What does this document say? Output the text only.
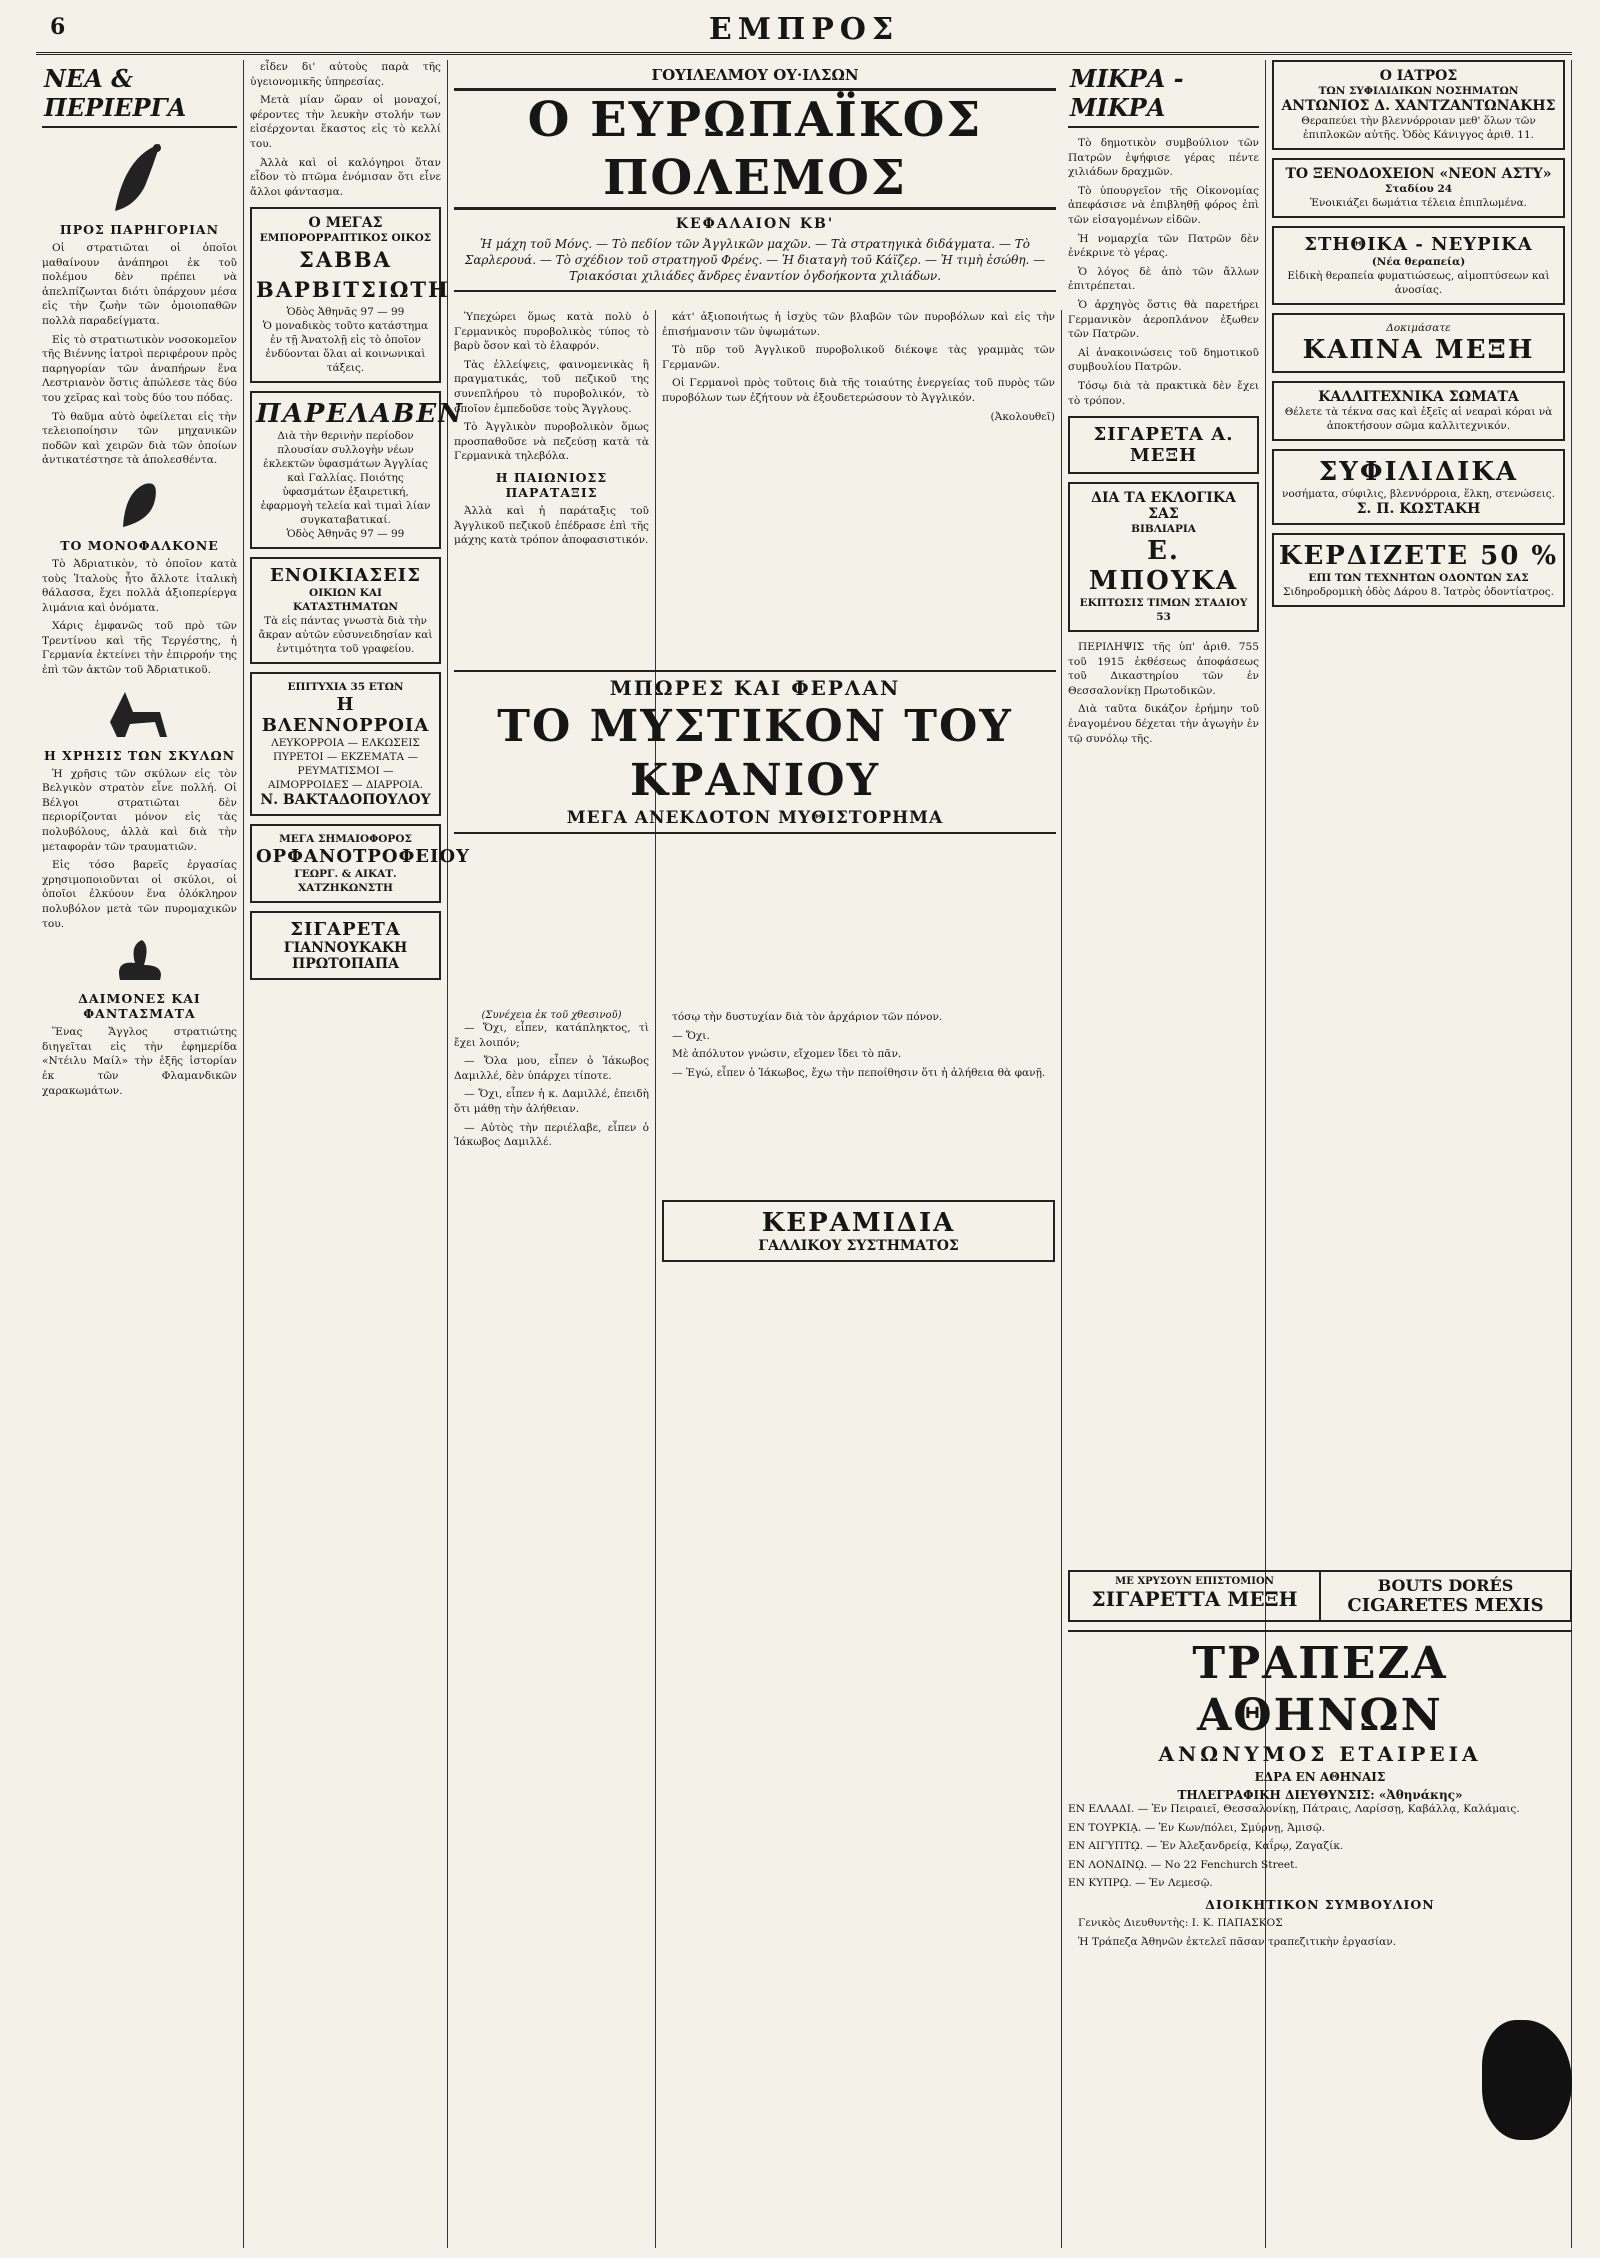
6	ΕΜΠΡΟΣ
ΝΕΑ & ΠΕΡΙΕΡΓΑ
ΠΡΟΣ ΠΑΡΗΓΟΡΙΑΝ

Οἱ στρατιῶται οἱ ὁποῖοι μαθαίνουν ἀνάπηροι ἐκ τοῦ πολέμου δὲν πρέπει νὰ ἀπελπίζωνται διότι ὑπάρχουν μέσα εἰς τὴν ζωὴν τῶν ὁμοιοπαθῶν πολλὰ παραδείγματα.

Εἰς τὸ στρατιωτικὸν νοσοκομεῖον τῆς Βιέννης ἰατροὶ περιφέρουν πρὸς παρηγορίαν τῶν ἀναπήρων ἕνα Λεστριανὸν ὅστις ἀπώλεσε τὰς δύο του χεῖρας καὶ τοὺς δύο του πόδας.

Τὸ θαῦμα αὐτὸ ὀφείλεται εἰς τὴν τελειοποίησιν τῶν μηχανικῶν ποδῶν καὶ χειρῶν διὰ τῶν ὁποίων ἀντικατέστησε τὰ ἀπολεσθέντα.

ΤΟ ΜΟΝΟΦΑΛΚΟΝΕ

Τὸ Ἀδριατικὸν, τὸ ὁποῖον κατὰ τοὺς Ἰταλοὺς ἦτο ἄλλοτε ἰταλικὴ θάλασσα, ἔχει πολλὰ ἀξιοπερίεργα λιμάνια καὶ ὀνόματα.

Χάρις ἐμφανῶς τοῦ πρὸ τῶν Τρεντίνου καὶ τῆς Τεργέστης, ἡ Γερμανία ἐκτείνει τὴν ἐπιρροήν της ἐπὶ τῶν ἀκτῶν τοῦ Ἀδριατικοῦ.

Η ΧΡΗΣΙΣ ΤΩΝ ΣΚΥΛΩΝ

Ἡ χρῆσις τῶν σκύλων εἰς τὸν Βελγικὸν στρατὸν εἶνε πολλή. Οἱ Βέλγοι στρατιῶται δὲν περιορίζονται μόνον εἰς τὰς πολυβόλους, ἀλλὰ καὶ διὰ τὴν μεταφορὰν τῶν τραυματιῶν.

Εἰς τόσο βαρεῖς ἐργασίας χρησιμοποιοῦνται οἱ σκύλοι, οἱ ὁποῖοι ἐλκύουν ἕνα ὁλόκληρον πολυβόλον μετὰ τῶν πυρομαχικῶν του.

ΔΑΙΜΟΝΕΣ ΚΑΙ ΦΑΝΤΑΣΜΑΤΑ

Ἕνας Ἄγγλος στρατιώτης διηγεῖται εἰς τὴν ἐφημερίδα «Ντέιλυ Μαίλ» τὴν ἑξῆς ἱστορίαν ἐκ τῶν Φλαμανδικῶν χαρακωμάτων.

εἶδεν δι' αὐτοὺς παρὰ τῆς ὑγειονομικῆς ὑπηρεσίας.

Μετὰ μίαν ὥραν οἱ μοναχοί, φέροντες τὴν λευκὴν στολήν των εἰσέρχονται ἕκαστος εἰς τὸ κελλί του.

Ἀλλὰ καὶ οἱ καλόγηροι ὅταν εἶδον τὸ πτῶμα ἐνόμισαν ὅτι εἶνε ἄλλοι φάντασμα.

Ο ΜΕΓΑΣ
ΕΜΠΟΡΟΡΡΑΠΤΙΚΟΣ ΟΙΚΟΣ
ΣΑΒΒΑ ΒΑΡΒΙΤΣΙΩΤΗ
Ὁδὸς Ἀθηνᾶς 97 — 99
Ὁ μοναδικὸς τοῦτο κατάστημα ἐν τῇ Ἀνατολῇ εἰς τὸ ὁποῖον ἐνδύονται ὅλαι αἱ κοινωνικαὶ τάξεις.
ΠΑΡΕΛΑΒΕΝ
Διὰ τὴν θερινὴν περίοδον πλουσίαν συλλογὴν νέων ἐκλεκτῶν ὑφασμάτων Ἀγγλίας καὶ Γαλλίας. Ποιότης ὑφασμάτων ἐξαιρετική, ἐφαρμογὴ τελεία καὶ τιμαὶ λίαν συγκαταβατικαί.
Ὁδὸς Ἀθηνᾶς 97 — 99
ΕΝΟΙΚΙΑΣΕΙΣ
ΟΙΚΙΩΝ ΚΑΙ ΚΑΤΑΣΤΗΜΑΤΩΝ
Τὰ εἰς πάντας γνωστὰ διὰ τὴν ἄκραν αὐτῶν εὐσυνειδησίαν καὶ ἐντιμότητα τοῦ γραφείου.
ΕΠΙΤΥΧΙΑ 35 ΕΤΩΝ
Η ΒΛΕΝΝΟΡΡΟΙΑ
ΛΕΥΚΟΡΡΟΙΑ — ΕΛΚΩΣΕΙΣ ΠΥΡΕΤΟΙ — ΕΚΖΕΜΑΤΑ — ΡΕΥΜΑΤΙΣΜΟΙ — ΑΙΜΟΡΡΟΙΔΕΣ — ΔΙΑΡΡΟΙΑ.
Ν. ΒΑΚΤΑΔΟΠΟΥΛΟΥ
ΜΕΓΑ ΣΗΜΑΙΟΦΟΡΟΣ
ΟΡΦΑΝΟΤΡΟΦΕΙΟΥ
ΓΕΩΡΓ. & ΑΙΚΑΤ. ΧΑΤΖΗΚΩΝΣΤΗ
ΣΙΓΑΡΕΤΑ
ΓΙΑΝΝΟΥΚΑΚΗ
ΠΡΩΤΟΠΑΠΑ
ΓΟΥΙΛΕΛΜΟΥ ΟΥ·ΙΛΣΩΝ
Ο ΕΥΡΩΠΑΪΚΟΣ ΠΟΛΕΜΟΣ
ΚΕΦΑΛΑΙΟΝ ΚΒ'
Ἡ μάχη τοῦ Μόνς. — Τὸ πεδίον τῶν Ἀγγλικῶν μαχῶν. — Τὰ στρατηγικὰ διδάγματα. — Τὸ Σαρλερουά. — Τὸ σχέδιον τοῦ στρατηγοῦ Φρένς. — Ἡ διαταγὴ τοῦ Κάϊζερ. — Ἡ τιμὴ ἐσώθη. — Τριακόσιαι χιλιάδες ἄνδρες ἐναντίον ὀγδοήκοντα χιλιάδων.

Ὑπεχώρει ὅμως κατὰ πολὺ ὁ Γερμανικὸς πυροβολικὸς τύπος τὸ βαρὺ ὅσον καὶ τὸ ἐλαφρόν.

Τὰς ἐλλείψεις, φαινομενικὰς ἢ πραγματικάς, τοῦ πεζικοῦ της συνεπλήρου τὸ πυροβολικόν, τὸ ὁποῖον ἐμπεδοῦσε τοὺς Ἄγγλους.

Τὸ Ἀγγλικὸν πυροβολικὸν ὅμως προσπαθοῦσε νὰ πεζεύσῃ κατὰ τὰ Γερμανικὰ τηλεβόλα.

Η ΠΑΙΩΝΙΟΣΣ ΠΑΡΑΤΑΞΙΣ

Ἀλλὰ καὶ ἡ παράταξις τοῦ Ἀγγλικοῦ πεζικοῦ ἐπέδρασε ἐπὶ τῆς μάχης κατὰ τρόπον ἀποφασιστικόν.

(Συνέχεια ἐκ τοῦ χθεσινοῦ)

— Ὄχι, εἶπεν, κατάπληκτος, τὶ ἔχει λοιπόν;

— Ὄλα μου, εἶπεν ὁ Ἰάκωβος Δαμιλλέ, δὲν ὑπάρχει τίποτε.

— Ὄχι, εἶπεν ἡ κ. Δαμιλλέ, ἐπειδὴ ὅτι μάθῃ τὴν ἀλήθειαν.

— Αὐτὸς τὴν περιέλαβε, εἶπεν ὁ Ἰάκωβος Δαμιλλέ.

κάτ' ἀξιοποιήτως ἡ ἰσχὺς τῶν βλαβῶν τῶν πυροβόλων καὶ εἰς τὴν ἐπισήμανσιν τῶν ὑψωμάτων.

Τὸ πῦρ τοῦ Ἀγγλικοῦ πυροβολικοῦ διέκοψε τὰς γραμμὰς τῶν Γερμανῶν.

Οἱ Γερμανοὶ πρὸς τοῦτοις διὰ τῆς τοιαύτης ἐνεργείας τοῦ πυρὸς τῶν πυροβόλων των ἐζήτουν νὰ ἐξουδετερώσουν τὸ Ἀγγλικόν.

(Ἀκολουθεῖ)

τόσῳ τὴν δυστυχίαν διὰ τὸν ἀρχάριον τῶν πόνον.

— Ὄχι.

Μὲ ἀπόλυτον γνώσιν, εἴχομεν ἴδει τὸ πᾶν.

— Ἐγώ, εἶπεν ὁ Ἰάκωβος, ἔχω τὴν πεποίθησιν ὅτι ἡ ἀλήθεια θὰ φανῇ.

ΚΕΡΑΜΙΔΙΑ
ΓΑΛΛΙΚΟΥ ΣΥΣΤΗΜΑΤΟΣ
ΜΠΩΡΕΣ ΚΑΙ ΦΕΡΛΑΝ
ΤΟ ΜΥΣΤΙΚΟΝ ΤΟΥ ΚΡΑΝΙΟΥ
ΜΕΓΑ ΑΝΕΚΔΟΤΟΝ ΜΥΘΙΣΤΟΡΗΜΑ
ΜΙΚΡΑ - ΜΙΚΡΑ

Τὸ δημοτικὸν συμβούλιον τῶν Πατρῶν ἐψήφισε γέρας πέντε χιλιάδων δραχμῶν.

Τὸ ὑπουργεῖον τῆς Οἰκονομίας ἀπεφάσισε νὰ ἐπιβληθῇ φόρος ἐπὶ τῶν εἰσαγομένων εἰδῶν.

Ἡ νομαρχία τῶν Πατρῶν δὲν ἐνέκρινε τὸ γέρας.

Ὁ λόγος δὲ ἀπὸ τῶν ἄλλων ἐπιτρέπεται.

Ὁ ἀρχηγὸς ὅστις θὰ παρετήρει Γερμανικὸν ἀεροπλάνον ἐξωθεν τῶν Πατρῶν.

Αἱ ἀνακοινώσεις τοῦ δημοτικοῦ συμβουλίου Πατρῶν.

Τόσῳ διὰ τὰ πρακτικὰ δὲν ἔχει τὸ τρόπον.

ΣΙΓΑΡΕΤΑ Α. ΜΕΞΗ
ΔΙΑ ΤΑ ΕΚΛΟΓΙΚΑ ΣΑΣ
ΒΙΒΛΙΑΡΙΑ
Ε. ΜΠΟΥΚΑ
ΕΚΠΤΩΣΙΣ ΤΙΜΩΝ ΣΤΑΔΙΟΥ 53

ΠΕΡΙΛΗΨΙΣ τῆς ὑπ' ἀριθ. 755 τοῦ 1915 ἐκθέσεως ἀποφάσεως τοῦ Δικαστηρίου τῶν ἐν Θεσσαλονίκῃ Πρωτοδικῶν.

Διὰ ταῦτα δικάζον ἐρήμην τοῦ ἐναγομένου δέχεται τὴν ἀγωγὴν ἐν τῷ συνόλῳ τῆς.

Ο ΙΑΤΡΟΣ
ΤΩΝ ΣΥΦΙΛΙΔΙΚΩΝ ΝΟΣΗΜΑΤΩΝ
ΑΝΤΩΝΙΟΣ Δ. ΧΑΝΤΖΑΝΤΩΝΑΚΗΣ
Θεραπεύει τὴν βλεννόρροιαν μεθ' ὅλων τῶν ἐπιπλοκῶν αὐτῆς. Ὁδὸς Κάνιγγος ἀριθ. 11.
ΤΟ ΞΕΝΟΔΟΧΕΙΟΝ «ΝΕΟΝ ΑΣΤΥ»
Σταδίου 24
Ἐνοικιάζει δωμάτια τέλεια ἐπιπλωμένα.
ΣΤΗΘΙΚΑ - ΝΕΥΡΙΚΑ
(Νέα θεραπεία)
Εἰδικὴ θεραπεία φυματιώσεως, αἱμοπτύσεων καὶ ἀνοσίας.
Δοκιμάσατε
ΚΑΠΝΑ ΜΕΞΗ
ΚΑΛΛΙΤΕΧΝΙΚΑ ΣΩΜΑΤΑ
Θέλετε τὰ τέκνα σας καὶ ἐξεῖς αἱ νεαραὶ κόραι νὰ ἀποκτήσουν σῶμα καλλιτεχνικόν.
ΣΥΦΙΛΙΔΙΚΑ
νοσήματα, σύφιλις, βλεννόρροια, ἕλκη, στενώσεις.
Σ. Π. ΚΩΣΤΑΚΗ
ΚΕΡΔΙΖΕΤΕ 50 %
ΕΠΙ ΤΩΝ ΤΕΧΝΗΤΩΝ ΟΔΟΝΤΩΝ ΣΑΣ
Σιδηροδρομικὴ ὁδὸς Δάρου 8. Ἰατρὸς ὁδοντίατρος.
ΜΕ ΧΡΥΣΟΥΝ ΕΠΙΣΤΟΜΙΟΝ
ΣΙΓΑΡΕΤΤΑ ΜΕΞΗ
BOUTS DORÉS
CIGARETES MEXIS
ΤΡΑΠΕΖΑ ΑΘΗΝΩΝ
ΑΝΩΝΥΜΟΣ ΕΤΑΙΡΕΙΑ
ΕΔΡΑ ΕΝ ΑΘΗΝΑΙΣ
ΤΗΛΕΓΡΑΦΙΚΗ ΔΙΕΥΘΥΝΣΙΣ: «Ἀθηνάκης»

ΕΝ ΕΛΛΑΔΙ. — Ἐν Πειραιεῖ, Θεσσαλονίκῃ, Πάτραις, Λαρίσσῃ, Καβάλλᾳ, Καλάμαις.

ΕΝ ΤΟΥΡΚΙᾼ. — Ἐν Κων/πόλει, Σμύρνῃ, Ἀμισῷ.

ΕΝ ΑΙΓΥΠΤῼ. — Ἐν Ἀλεξανδρείᾳ, Καΐρῳ, Ζαγαζίκ.

ΕΝ ΛΟΝΔΙΝῼ. — No 22 Fenchurch Street.

ΕΝ ΚΥΠΡῼ. — Ἐν Λεμεσῷ.

ΔΙΟΙΚΗΤΙΚΟΝ ΣΥΜΒΟΥΛΙΟΝ

Γενικὸς Διευθυντὴς: Ι. Κ. ΠΑΠΑΣΚΟΣ

Ἡ Τράπεζα Ἀθηνῶν ἐκτελεῖ πᾶσαν τραπεζιτικὴν ἐργασίαν.
